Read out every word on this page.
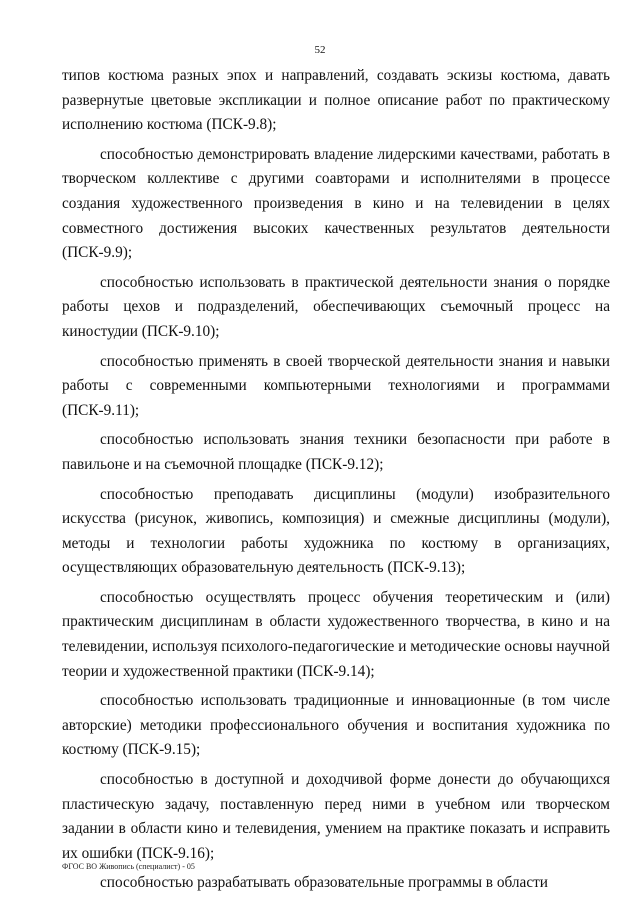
52

типов костюма разных эпох и направлений, создавать эскизы костюма, давать развернутые цветовые экспликации и полное описание работ по практическому исполнению костюма (ПСК-9.8);

способностью демонстрировать владение лидерскими качествами, работать в творческом коллективе с другими соавторами и исполнителями в процессе создания художественного произведения в кино и на телевидении в целях совместного достижения высоких качественных результатов деятельности (ПСК-9.9);

способностью использовать в практической деятельности знания о порядке работы цехов и подразделений, обеспечивающих съемочный процесс на киностудии (ПСК-9.10);

способностью применять в своей творческой деятельности знания и навыки работы с современными компьютерными технологиями и программами (ПСК-9.11);

способностью использовать знания техники безопасности при работе в павильоне и на съемочной площадке (ПСК-9.12);

способностью преподавать дисциплины (модули) изобразительного искусства (рисунок, живопись, композиция) и смежные дисциплины (модули), методы и технологии работы художника по костюму в организациях, осуществляющих образовательную деятельность (ПСК-9.13);

способностью осуществлять процесс обучения теоретическим и (или) практическим дисциплинам в области художественного творчества, в кино и на телевидении, используя психолого-педагогические и методические основы научной теории и художественной практики (ПСК-9.14);

способностью использовать традиционные и инновационные (в том числе авторские) методики профессионального обучения и воспитания художника по костюму (ПСК-9.15);

способностью в доступной и доходчивой форме донести до обучающихся пластическую задачу, поставленную перед ними в учебном или творческом задании в области кино и телевидения, умением на практике показать и исправить их ошибки (ПСК-9.16);

способностью разрабатывать образовательные программы в области

ФГОС ВО Живопись (специалист) - 05
